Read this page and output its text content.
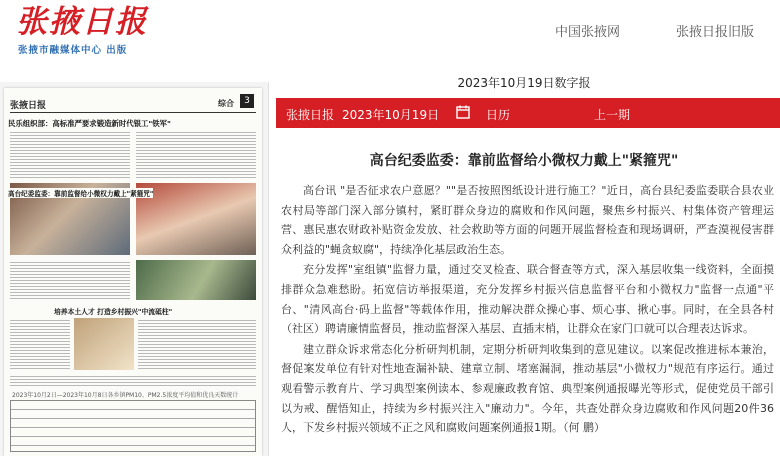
张掖日报
张掖市融媒体中心 出版
中国张掖网	张掖日报旧版
张掖日报	综合	3
民乐组织部：高标准严要求锻造新时代银工"铁军"
高台纪委监委：靠前监督给小微权力戴上"紧箍咒"
培养本土人才 打造乡村振兴"中流砥柱"
2023年10月2日—2023年10月8日各乡镇PM10、PM2.5浓度平均值和优良天数统计
2023年10月19日数字报
张掖日报 2023年10月19日	日历	上一期
高台纪委监委：靠前监督给小微权力戴上"紧箍咒"

高台讯 "是否征求农户意愿？""是否按照图纸设计进行施工？"近日，高台县纪委监委联合县农业农村局等部门深入部分镇村，紧盯群众身边的腐败和作风问题，聚焦乡村振兴、村集体资产管理运营、惠民惠农财政补贴资金发放、社会救助等方面的问题开展监督检查和现场调研，严查漠视侵害群众利益的"蝇贪蚁腐"，持续净化基层政治生态。

充分发挥"室组镇"监督力量，通过交叉检查、联合督查等方式，深入基层收集一线资料，全面摸排群众急难愁盼。拓宽信访举报渠道，充分发挥乡村振兴信息监督平台和小微权力"监督一点通"平台、"清风高台·码上监督"等载体作用，推动解决群众操心事、烦心事、揪心事。同时，在全县各村（社区）聘请廉情监督员，推动监督深入基层、直插末梢，让群众在家门口就可以合理表达诉求。

建立群众诉求常态化分析研判机制，定期分析研判收集到的意见建议。以案促改推进标本兼治，督促案发单位有针对性地查漏补缺、建章立制、堵塞漏洞，推动基层"小微权力"规范有序运行。通过观看警示教育片、学习典型案例读本、参观廉政教育馆、典型案例通报曝光等形式，促使党员干部引以为戒、醒悟知止，持续为乡村振兴注入"廉动力"。今年，共查处群众身边腐败和作风问题20件36人，下发乡村振兴领域不正之风和腐败问题案例通报1期。（何 鹏）
